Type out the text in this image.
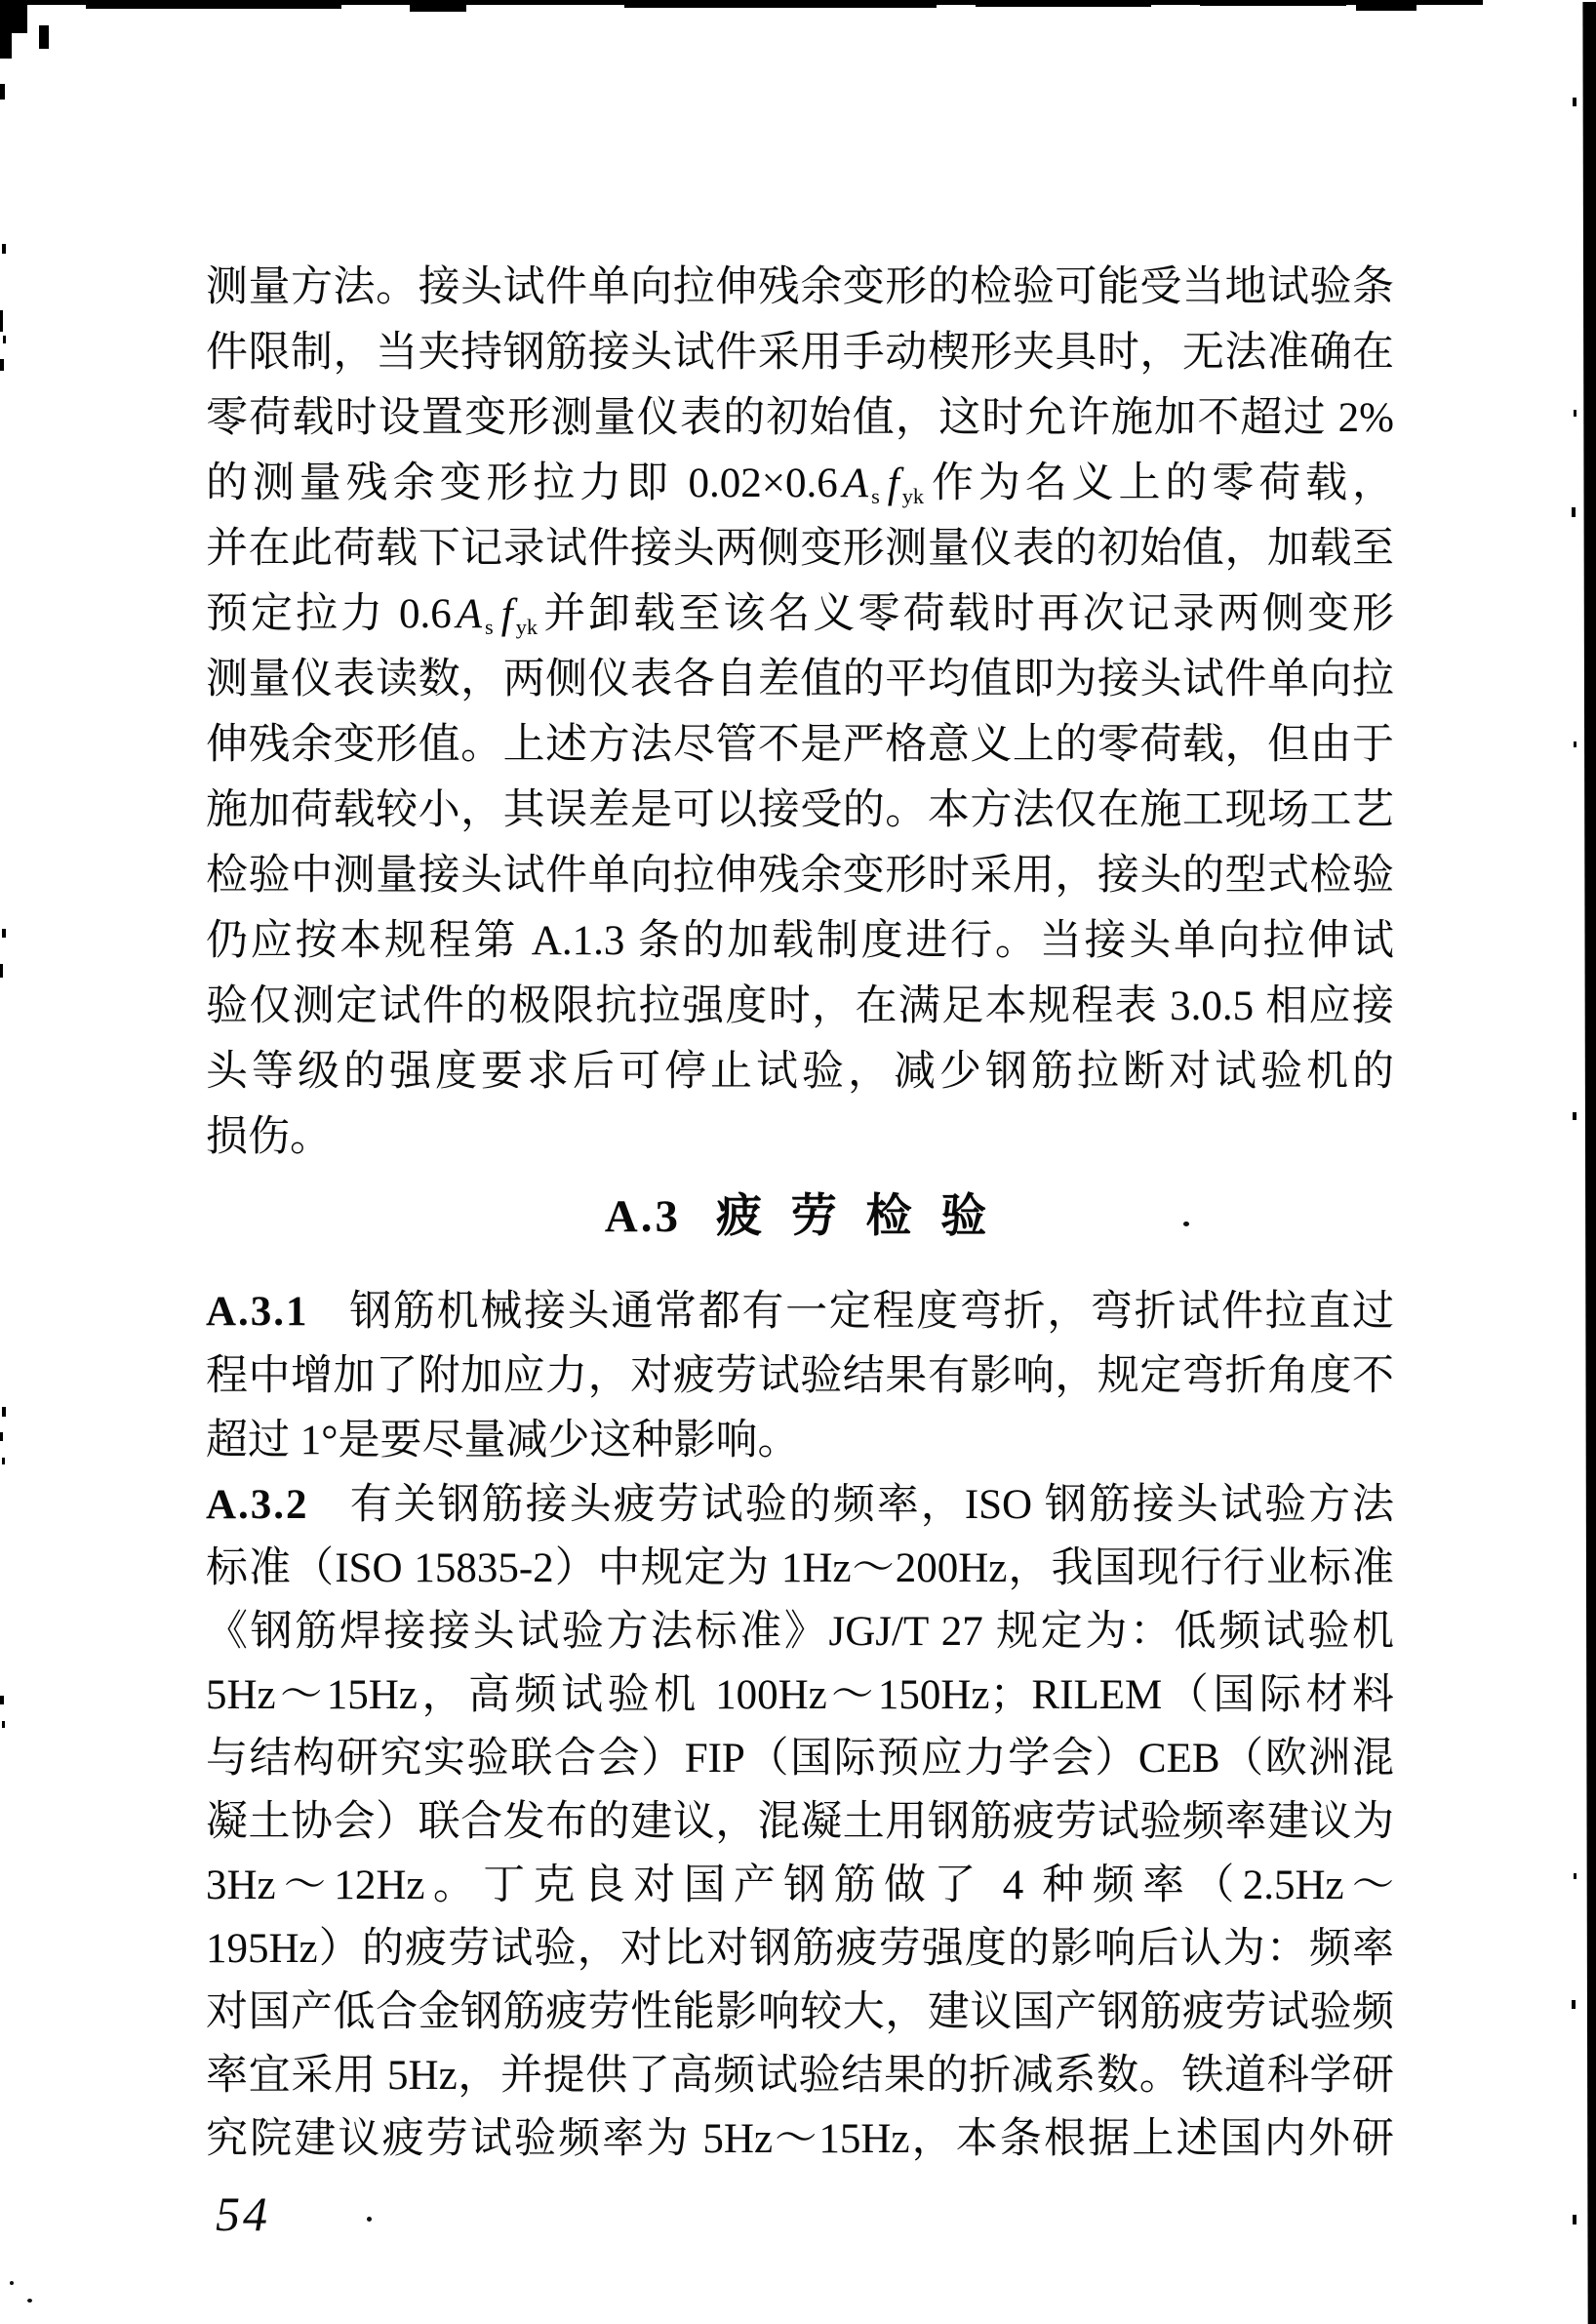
测量方法。接头试件单向拉伸残余变形的检验可能受当地试验条
件限制，当夹持钢筋接头试件采用手动楔形夹具时，无法准确在
零荷载时设置变形测量仪表的初始值，这时允许施加不超过 2%
的测量残余变形拉力即 0.02×0.6 A $_s$ f $_{yk}$作为名义上的零荷载，
并在此荷载下记录试件接头两侧变形测量仪表的初始值，加载至
预定拉力 0.6 A $_s$ f $_{yk}$并卸载至该名义零荷载时再次记录两侧变形
测量仪表读数，两侧仪表各自差值的平均值即为接头试件单向拉
伸残余变形值。上述方法尽管不是严格意义上的零荷载，但由于
施加荷载较小，其误差是可以接受的。本方法仅在施工现场工艺
检验中测量接头试件单向拉伸残余变形时采用，接头的型式检验
仍应按本规程第 A.1.3 条的加载制度进行。当接头单向拉伸试
验仅测定试件的极限抗拉强度时，在满足本规程表 3.0.5 相应接
头等级的强度要求后可停止试验，减少钢筋拉断对试验机的
损伤。
A.3 疲 劳 检 验
A.3.1 钢筋机械接头通常都有一定程度弯折，弯折试件拉直过
程中增加了附加应力，对疲劳试验结果有影响，规定弯折角度不
超过 1°是要尽量减少这种影响。
A.3.2 有关钢筋接头疲劳试验的频率，ISO 钢筋接头试验方法
标准（ISO 15835-2）中规定为 1Hz～200Hz，我国现行行业标准
《钢筋焊接接头试验方法标准》JGJ/T 27 规定为：低频试验机
5Hz～15Hz，高频试验机 100Hz～150Hz；RILEM（国际材料
与结构研究实验联合会）FIP（国际预应力学会）CEB（欧洲混
凝土协会）联合发布的建议，混凝土用钢筋疲劳试验频率建议为
3Hz～12Hz。丁克良对国产钢筋做了 4 种频率（2.5Hz～
195Hz）的疲劳试验，对比对钢筋疲劳强度的影响后认为：频率
对国产低合金钢筋疲劳性能影响较大，建议国产钢筋疲劳试验频
率宜采用 5Hz，并提供了高频试验结果的折减系数。铁道科学研
究院建议疲劳试验频率为 5Hz～15Hz，本条根据上述国内外研
54
